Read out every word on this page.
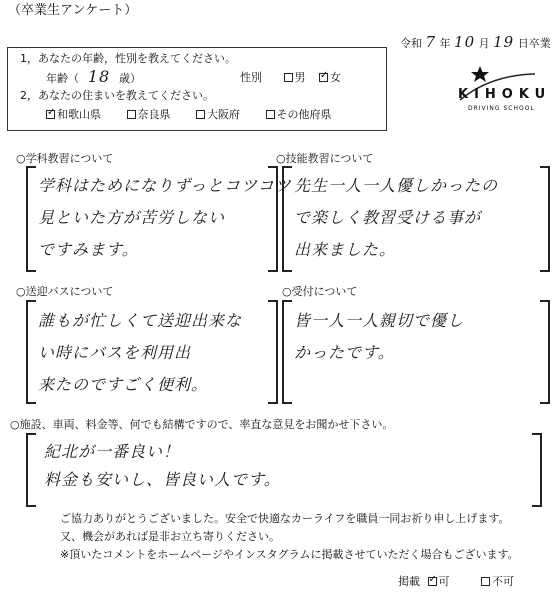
（卒業生アンケート）
令和 7 年 10 月 19 日卒業
KIHOKU
DRIVING SCHOOL
1，あなたの年齢，性別を教えてください。
年齢（ 18 歳）	性別	男 ✓ 女
2，あなたの住まいを教えてください。
✓和歌山県	奈良県	大阪府	その他府県
○学科教習について
学科はためになりずっとコツコツ
見といた方が苦労しない
ですみます。
○技能教習について
先生一人一人優しかったの
で楽しく教習受ける事が
出来ました。
○送迎バスについて
誰もが忙しくて送迎出来な
い時にバスを利用出
来たのですごく便利。
○受付について
皆一人一人親切で優し
かったです。
○施設、車両、料金等、何でも結構ですので、率直な意見をお聞かせ下さい。
紀北が一番良い！
料金も安いし、皆良い人です。
ご協力ありがとうございました。安全で快適なカーライフを職員一同お祈り申し上げます。
又、機会があれば是非お立ち寄りください。
※頂いたコメントをホームページやインスタグラムに掲載させていただく場合もございます。
掲載 ✓ 可	不可
